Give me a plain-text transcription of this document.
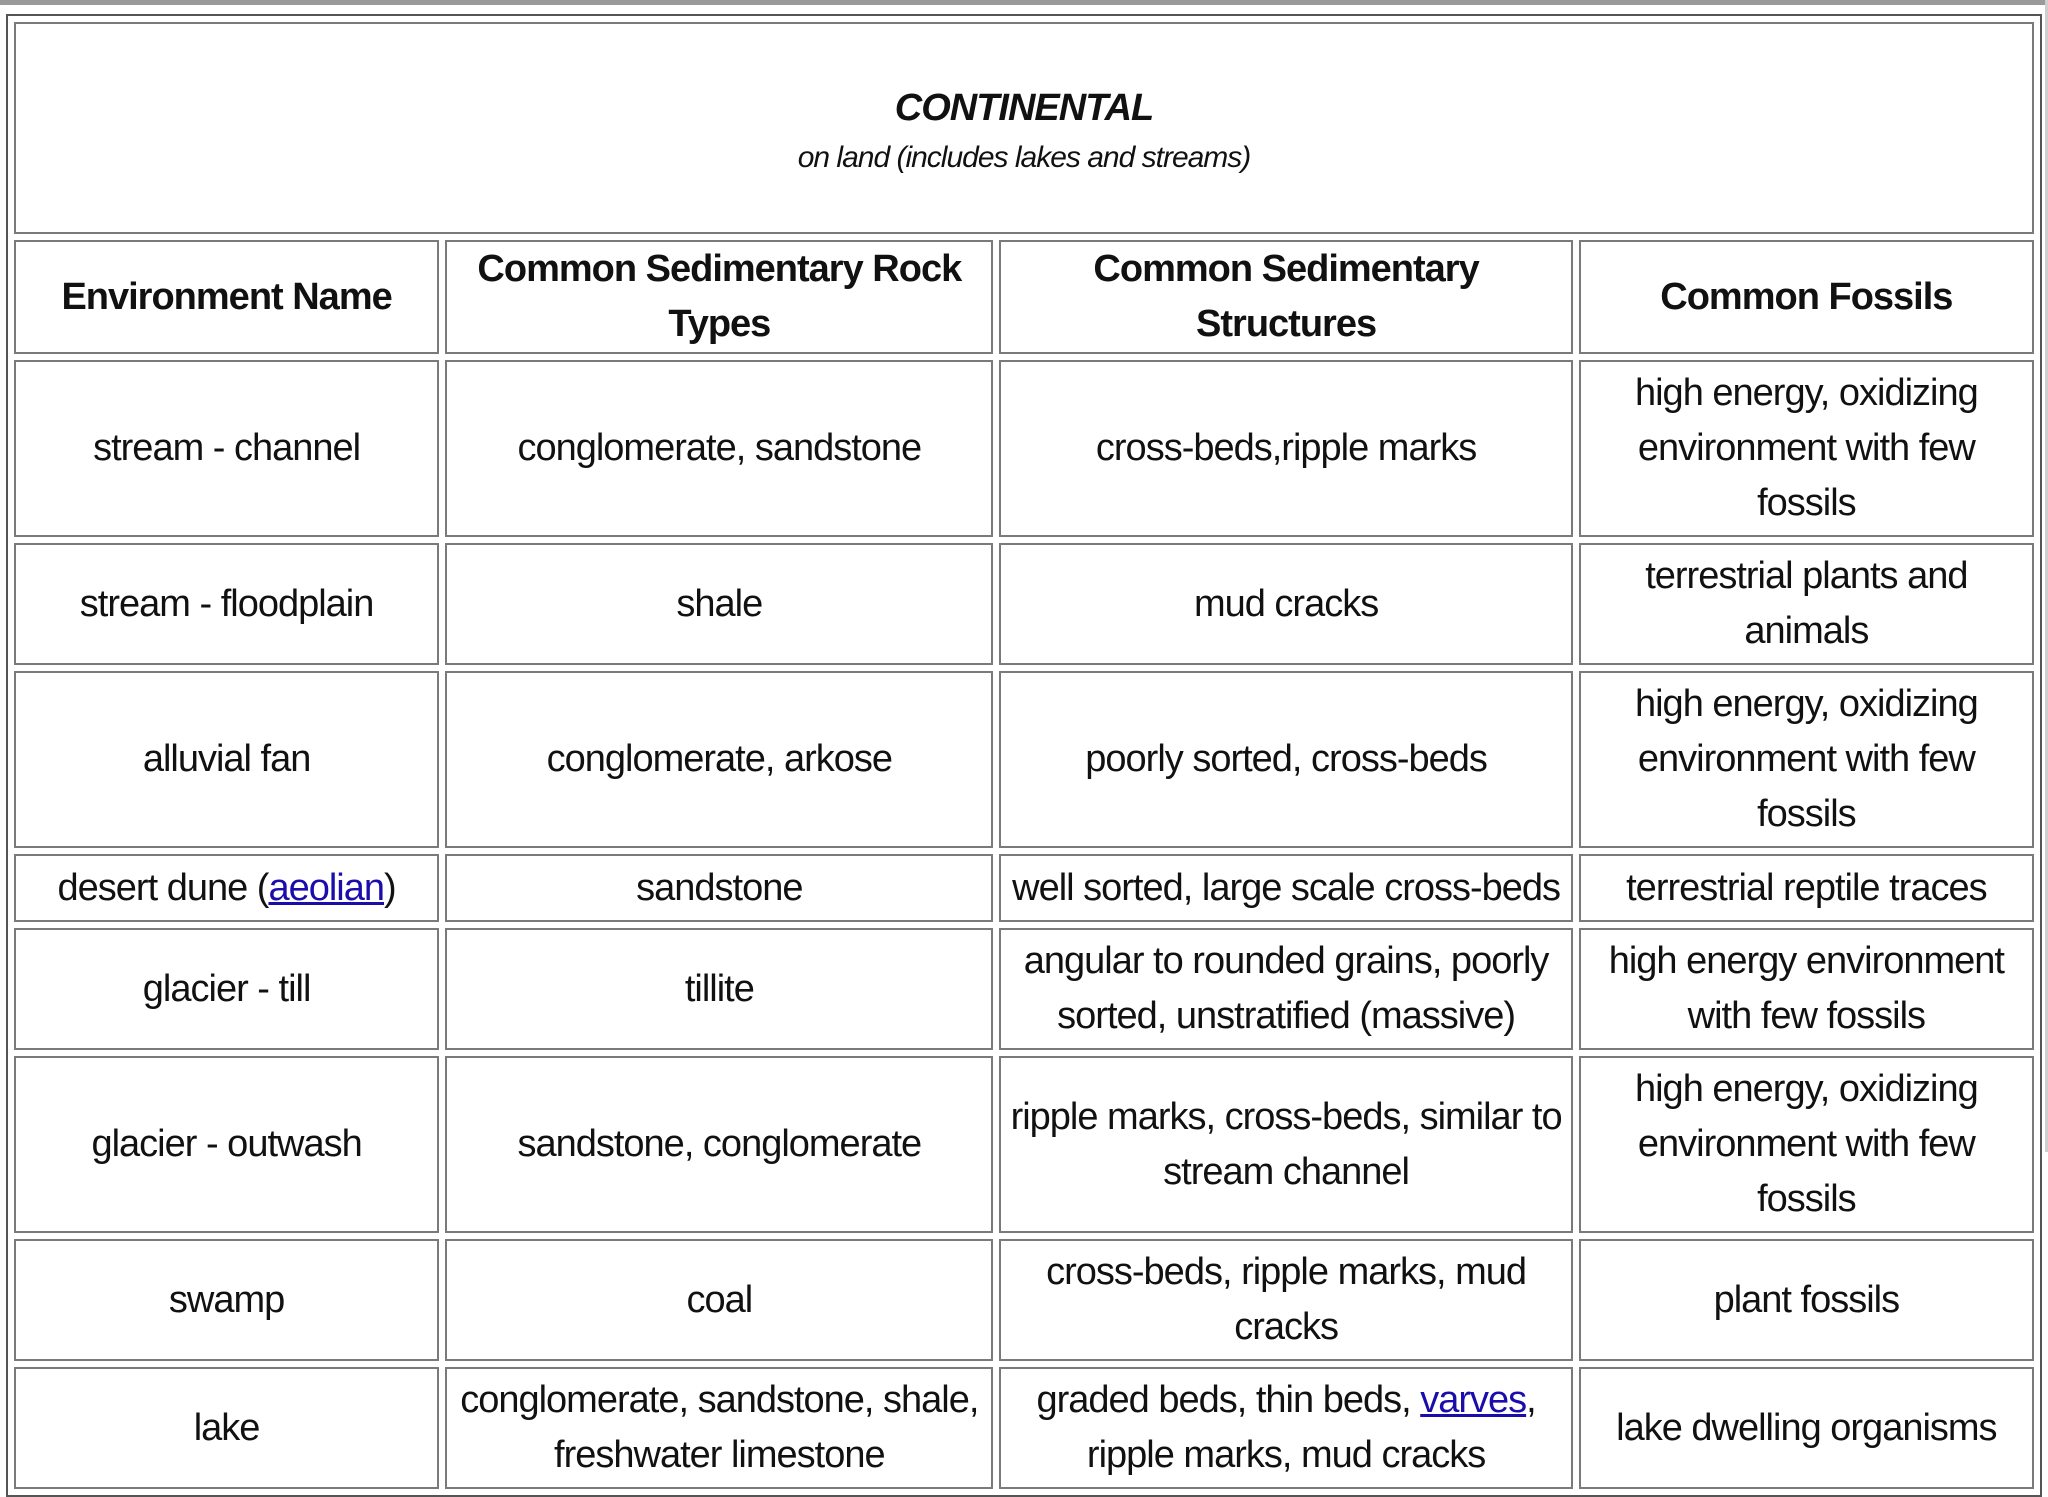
CONTINENTAL
on land (includes lakes and streams)			

Environment Name	Common Sedimentary Rock Types	Common Sedimentary Structures	Common Fossils
stream - channel	conglomerate, sandstone	cross-beds,ripple marks	high energy, oxidizing environment with few fossils
stream - floodplain	shale	mud cracks	terrestrial plants and animals
alluvial fan	conglomerate, arkose	poorly sorted, cross-beds	high energy, oxidizing environment with few fossils
desert dune (aeolian)	sandstone	well sorted, large scale cross-beds	terrestrial reptile traces
glacier - till	tillite	angular to rounded grains, poorly sorted, unstratified (massive)	high energy environment with few fossils
glacier - outwash	sandstone, conglomerate	ripple marks, cross-beds, similar to stream channel	high energy, oxidizing environment with few fossils
swamp	coal	cross-beds, ripple marks, mud cracks	plant fossils
lake	conglomerate, sandstone, shale, freshwater limestone	graded beds, thin beds, varves, ripple marks, mud cracks	lake dwelling organisms
